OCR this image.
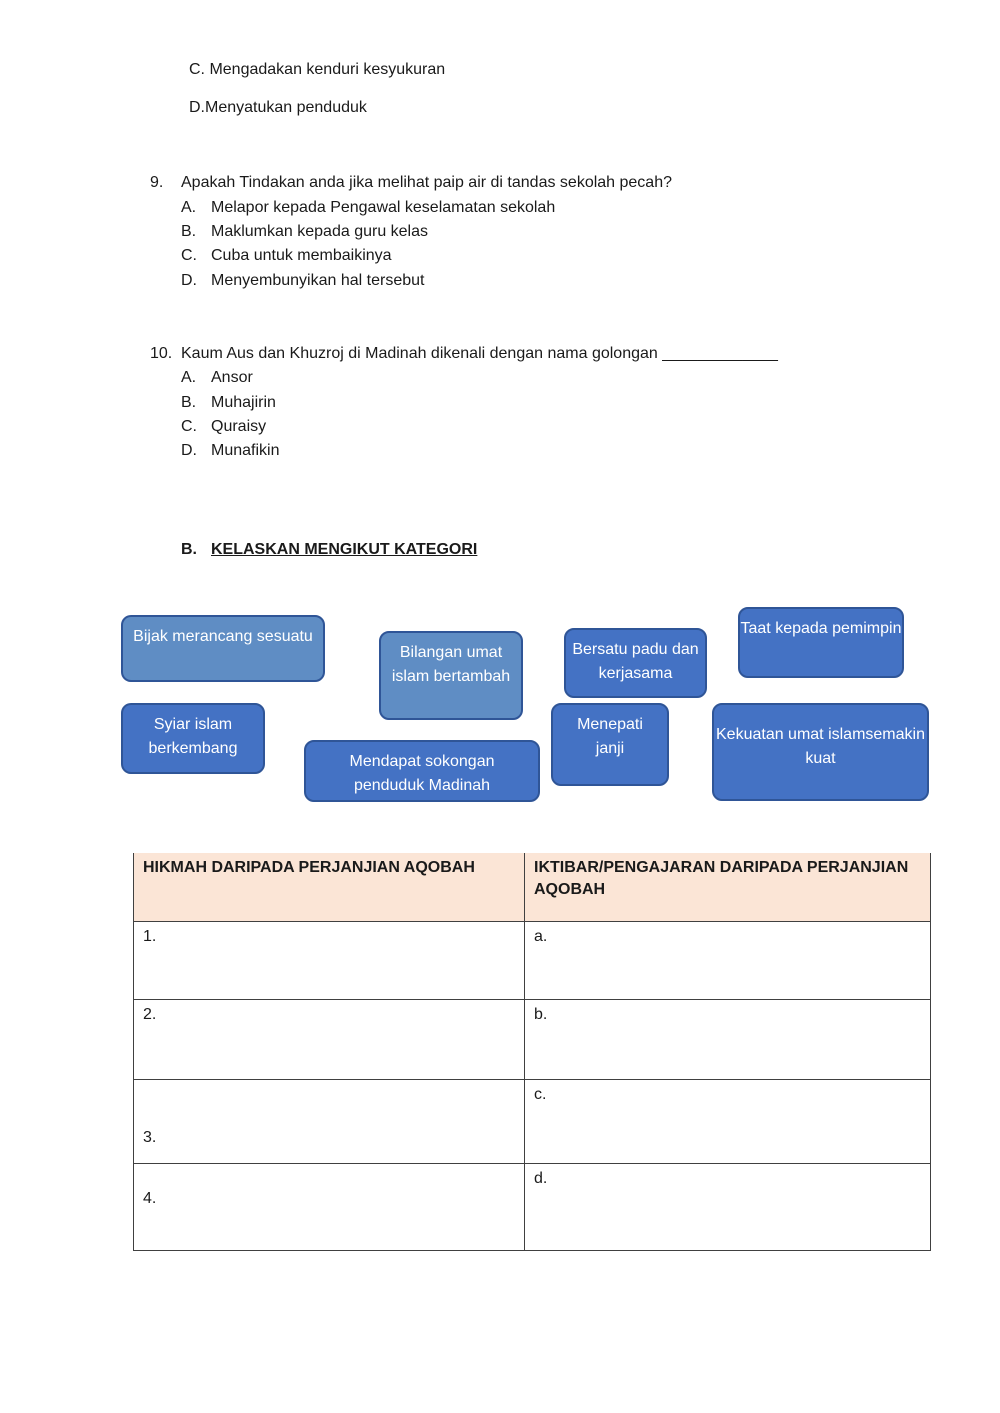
C. Mengadakan kenduri kesyukuran
D.Menyatukan penduduk
9. Apakah Tindakan anda jika melihat paip air di tandas sekolah pecah?
A. Melapor kepada Pengawal keselamatan sekolah
B. Maklumkan kepada guru kelas
C. Cuba untuk membaikinya
D. Menyembunyikan hal tersebut
10. Kaum Aus dan Khuzroj di Madinah dikenali dengan nama golongan _____________
A. Ansor
B. Muhajirin
C. Quraisy
D. Munafikin
B. KELASKAN MENGIKUT KATEGORI
Bijak merancang sesuatu
Bilangan umat islam bertambah
Bersatu padu dan kerjasama
Taat kepada pemimpin
Syiar islam berkembang
Mendapat sokongan penduduk Madinah
Menepati janji
Kekuatan umat islamsemakin kuat
HIKMAH DARIPADA PERJANJIAN AQOBAH	IKTIBAR/PENGAJARAN DARIPADA PERJANJIAN AQOBAH
1.	a.
2.	b.
3.	c.
4.	d.
